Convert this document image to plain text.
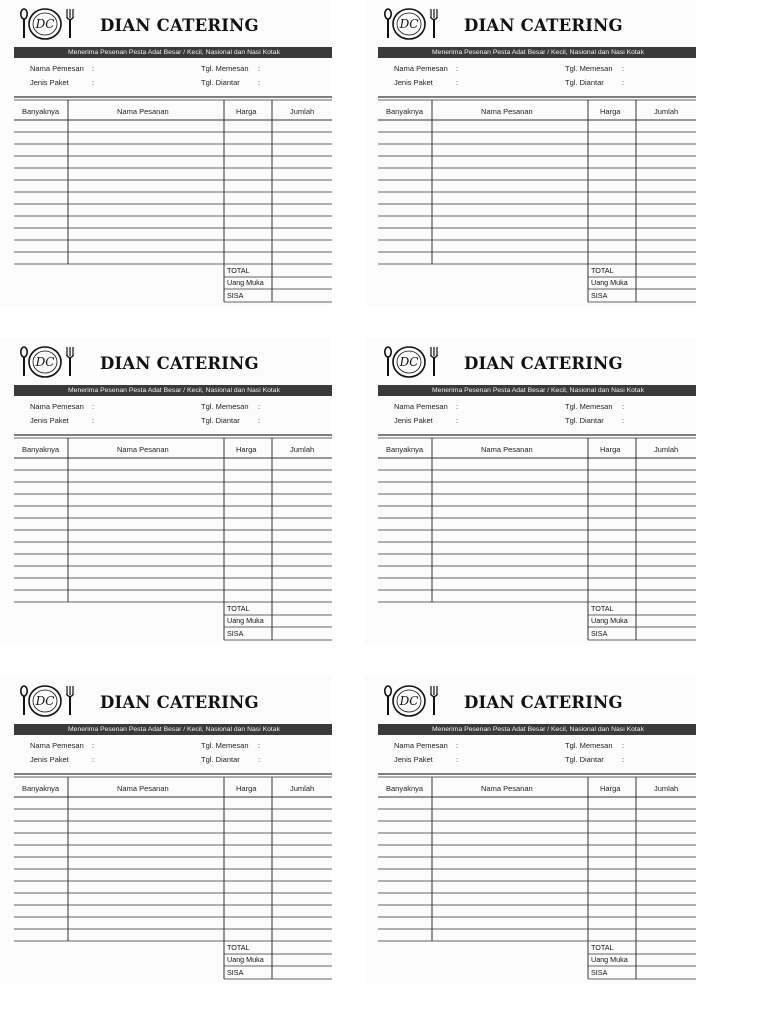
DC	DIAN CATERING
Menerima Pesenan Pesta Adat Besar / Kecil, Nasional dan Nasi Kotak
Nama Pemesan :
Jenis Paket	:
Tgl. Memesan :
Tgl. Diantar :
Banyaknya	Nama Pesanan	Harga	Jumlah
TOTAL
Uang Muka
SISA
DC	DIAN CATERING
Menerima Pesenan Pesta Adat Besar / Kecil, Nasional dan Nasi Kotak
Nama Pemesan :
Jenis Paket	:
Tgl. Memesan :
Tgl. Diantar :
Banyaknya	Nama Pesanan	Harga	Jumlah
TOTAL
Uang Muka
SISA
DC	DIAN CATERING
Menerima Pesenan Pesta Adat Besar / Kecil, Nasional dan Nasi Kotak
Nama Pemesan :
Jenis Paket	:
Tgl. Memesan :
Tgl. Diantar :
Banyaknya	Nama Pesanan	Harga	Jumlah
TOTAL
Uang Muka
SISA
DC	DIAN CATERING
Menerima Pesenan Pesta Adat Besar / Kecil, Nasional dan Nasi Kotak
Nama Pemesan :
Jenis Paket	:
Tgl. Memesan :
Tgl. Diantar :
Banyaknya	Nama Pesanan	Harga	Jumlah
TOTAL
Uang Muka
SISA
DC	DIAN CATERING
Menerima Pesenan Pesta Adat Besar / Kecil, Nasional dan Nasi Kotak
Nama Pemesan :
Jenis Paket	:
Tgl. Memesan :
Tgl. Diantar :
Banyaknya	Nama Pesanan	Harga	Jumlah
TOTAL
Uang Muka
SISA
DC	DIAN CATERING
Menerima Pesenan Pesta Adat Besar / Kecil, Nasional dan Nasi Kotak
Nama Pemesan :
Jenis Paket	:
Tgl. Memesan :
Tgl. Diantar :
Banyaknya	Nama Pesanan	Harga	Jumlah
TOTAL
Uang Muka
SISA
